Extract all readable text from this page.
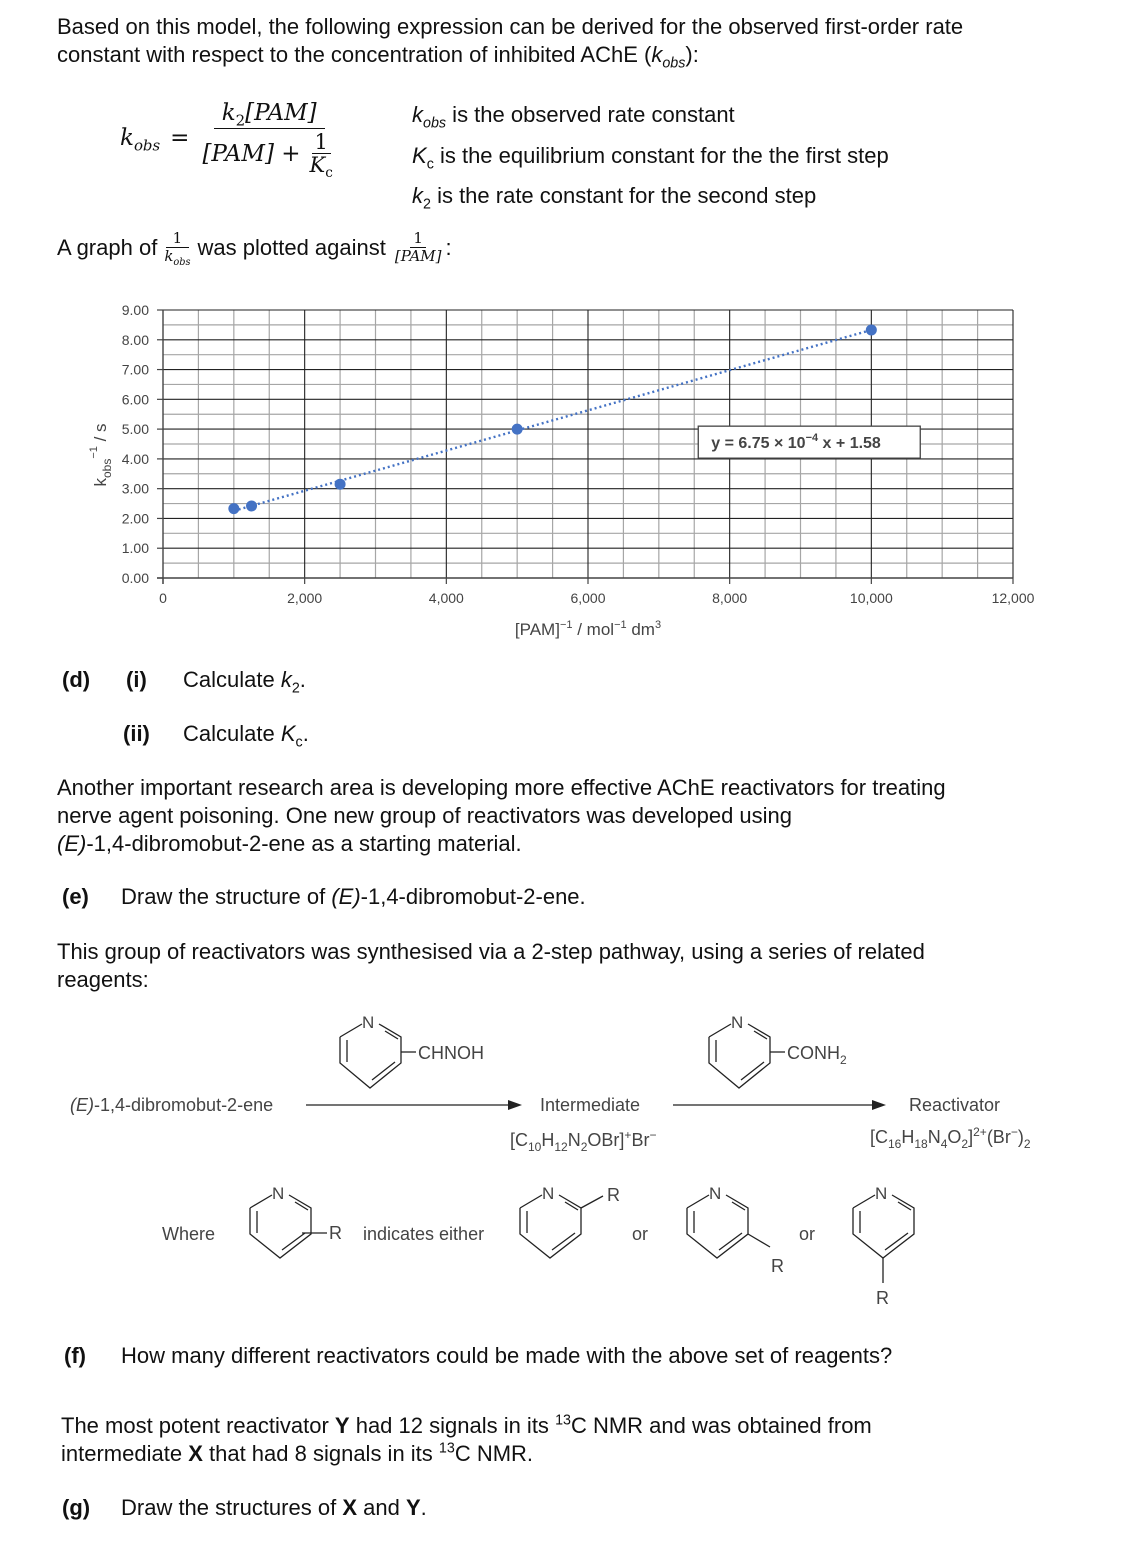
Based on this model, the following expression can be derived for the observed first-order rate
constant with respect to the concentration of inhibited AChE $(k_{obs})$:
$k_{obs} = \frac{k_2[PAM]}{[PAM] + \frac{1}{K_c}}$	$k_{obs}$ is the observed rate constant
$K_c$ is the equilibrium constant for the the first step
$k_2$ is the rate constant for the second step
A graph of $\frac{1}{k_{obs}}$ was plotted against $\frac{1}{\text{[PAM]}}$ :
0.00
1.00
2.00
3.00
4.00
5.00
6.00
7.00
8.00
9.00
0	2,000	4,000	6,000	8,000	10,000	12,000
$y = 6.75 \times 10^{-4}$ x + 1.58
[PAM]$^{-1}$ / mol$^{-1}$ $dm^3$
$k_{obs}^{-1}$ / s
(d) (i) Calculate $k_2$.
(ii) Calculate $K_c$.
Another important research area is developing more effective AChE reactivators for treating
nerve agent poisoning. One new group of reactivators was developed using
(E)-1,4-dibromobut-2-ene as a starting material.
(e) Draw the structure of (E)-1,4-dibromobut-2-ene.
This group of reactivators was synthesised via a 2-step pathway, using a series of related
reagents:
N
CHNOH
N
$CONH_2$
(E)-1,4-dibromobut-2-ene	Intermediate
$[C_{10}H_{12}N_2OBr]^+Br^-$
Reactivator
$[C_{16}H_{18}N_4O_2]^{2+}(Br^-)_2$
Where
N
R indicates either
N	R
or
N
R
or
N
R
(f) How many different reactivators could be made with the above set of reagents?
The most potent reactivator Y had 12 signals in its $^{13}$C NMR and was obtained from
intermediate X that had 8 signals in its $^{13}$C NMR.
(g) Draw the structures of X and Y.
